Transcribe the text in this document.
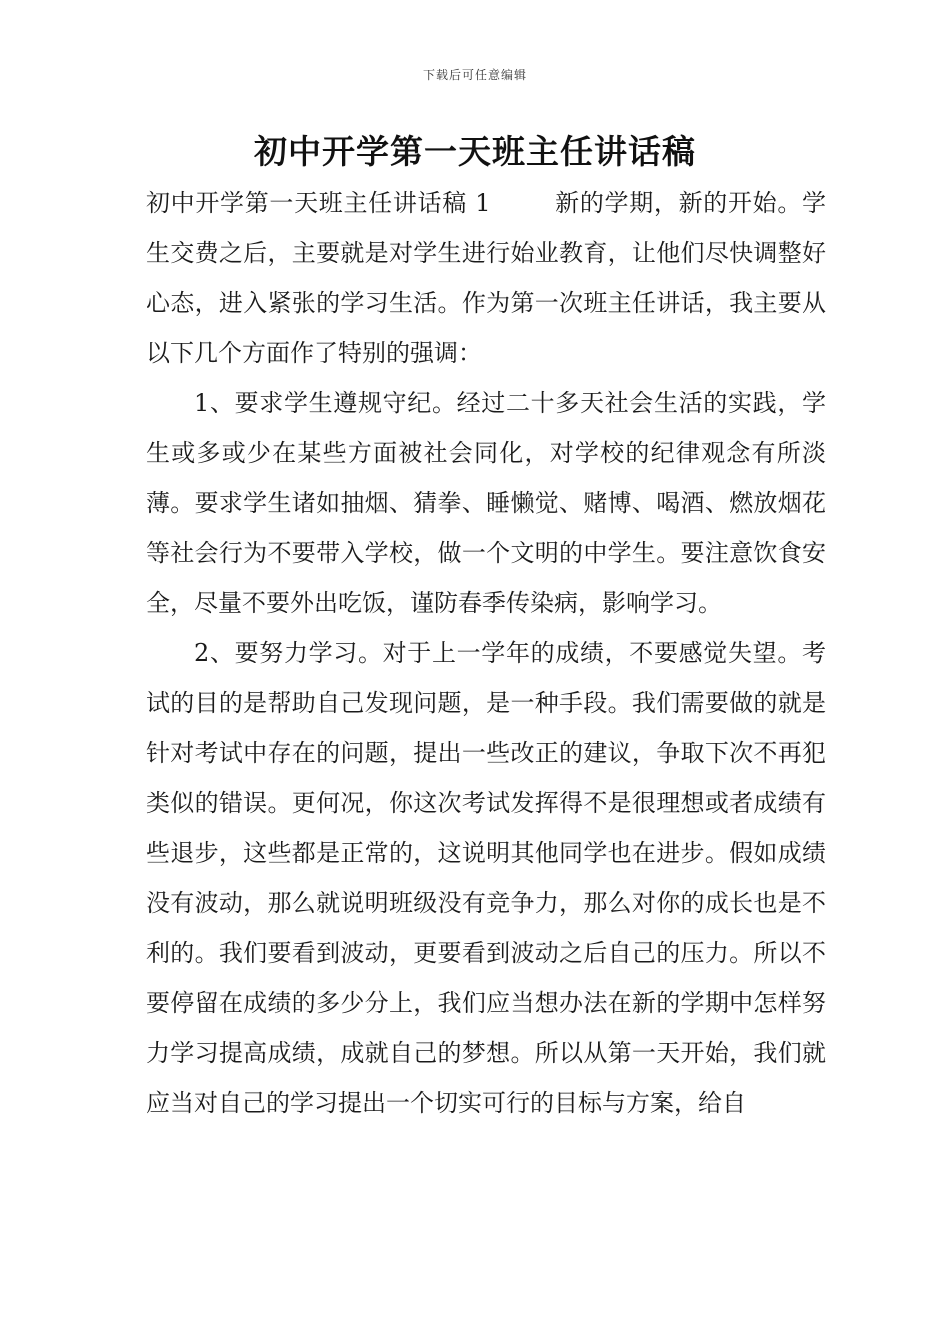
下载后可任意编辑
初中开学第一天班主任讲话稿

初中开学第一天班主任讲话稿 1	新的学期，新的开始。学生交费之后，主要就是对学生进行始业教育，让他们尽快调整好心态，进入紧张的学习生活。作为第一次班主任讲话，我主要从以下几个方面作了特别的强调：

1、要求学生遵规守纪。经过二十多天社会生活的实践，学生或多或少在某些方面被社会同化，对学校的纪律观念有所淡薄。要求学生诸如抽烟、猜拳、睡懒觉、赌博、喝酒、燃放烟花等社会行为不要带入学校，做一个文明的中学生。要注意饮食安全，尽量不要外出吃饭，谨防春季传染病，影响学习。

2、要努力学习。对于上一学年的成绩，不要感觉失望。考试的目的是帮助自己发现问题，是一种手段。我们需要做的就是针对考试中存在的问题，提出一些改正的建议，争取下次不再犯类似的错误。更何况，你这次考试发挥得不是很理想或者成绩有些退步，这些都是正常的，这说明其他同学也在进步。假如成绩没有波动，那么就说明班级没有竞争力，那么对你的成长也是不利的。我们要看到波动，更要看到波动之后自己的压力。所以不要停留在成绩的多少分上，我们应当想办法在新的学期中怎样努力学习提高成绩，成就自己的梦想。所以从第一天开始，我们就应当对自己的学习提出一个切实可行的目标与方案，给自
